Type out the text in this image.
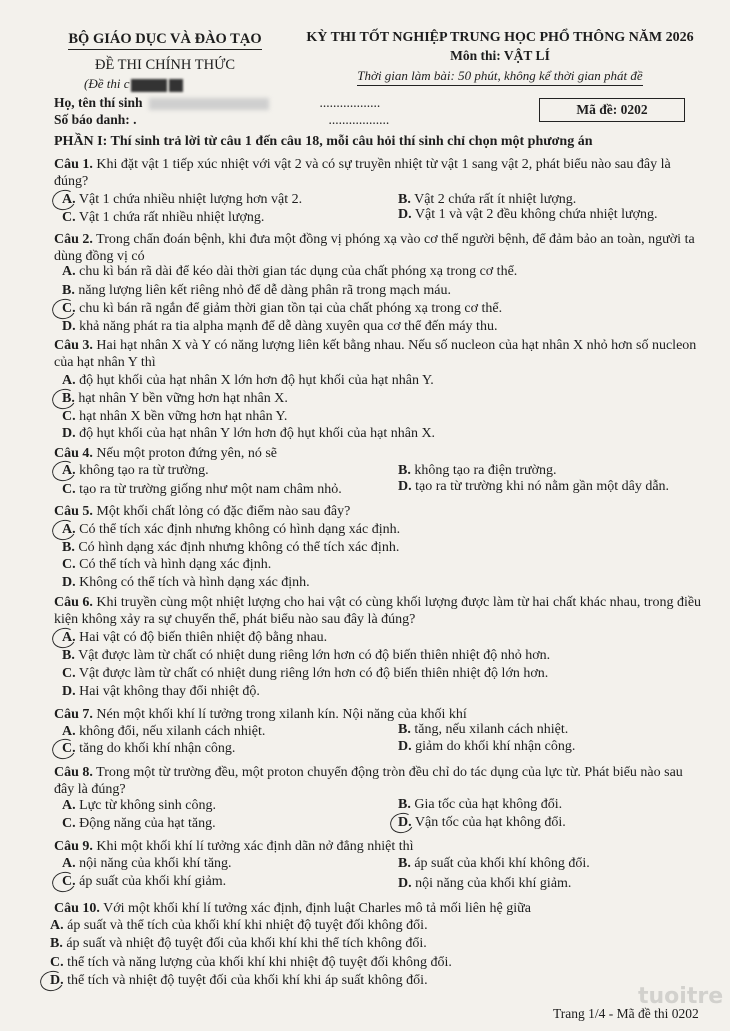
BỘ GIÁO DỤC VÀ ĐÀO TẠO
ĐỀ THI CHÍNH THỨC
(Đề thi c
KỲ THI TỐT NGHIỆP TRUNG HỌC PHỔ THÔNG NĂM 2026
Môn thi: VẬT LÍ
Thời gian làm bài: 50 phút, không kể thời gian phát đề
Họ, tên thí sinh	..................
Số báo danh: .	..................
Mã đề: 0202
PHẦN I: Thí sinh trả lời từ câu 1 đến câu 18, mỗi câu hỏi thí sinh chỉ chọn một phương án
Câu 1. Khi đặt vật 1 tiếp xúc nhiệt với vật 2 và có sự truyền nhiệt từ vật 1 sang vật 2, phát biểu nào sau đây là đúng?
A. Vật 1 chứa nhiều nhiệt lượng hơn vật 2.	B. Vật 2 chứa rất ít nhiệt lượng.
C. Vật 1 chứa rất nhiều nhiệt lượng.	D. Vật 1 và vật 2 đều không chứa nhiệt lượng.
Câu 2. Trong chẩn đoán bệnh, khi đưa một đồng vị phóng xạ vào cơ thể người bệnh, để đảm bảo an toàn, người ta dùng đồng vị có
A. chu kì bán rã dài để kéo dài thời gian tác dụng của chất phóng xạ trong cơ thể.
B. năng lượng liên kết riêng nhỏ để dễ dàng phân rã trong mạch máu.
C. chu kì bán rã ngắn để giảm thời gian tồn tại của chất phóng xạ trong cơ thể.
D. khả năng phát ra tia alpha mạnh để dễ dàng xuyên qua cơ thể đến máy thu.
Câu 3. Hai hạt nhân X và Y có năng lượng liên kết bằng nhau. Nếu số nucleon của hạt nhân X nhỏ hơn số nucleon của hạt nhân Y thì
A. độ hụt khối của hạt nhân X lớn hơn độ hụt khối của hạt nhân Y.
B. hạt nhân Y bền vững hơn hạt nhân X.
C. hạt nhân X bền vững hơn hạt nhân Y.
D. độ hụt khối của hạt nhân Y lớn hơn độ hụt khối của hạt nhân X.
Câu 4. Nếu một proton đứng yên, nó sẽ
A. không tạo ra từ trường.	B. không tạo ra điện trường.
C. tạo ra từ trường giống như một nam châm nhỏ.	D. tạo ra từ trường khi nó nằm gần một dây dẫn.
Câu 5. Một khối chất lỏng có đặc điểm nào sau đây?
A. Có thể tích xác định nhưng không có hình dạng xác định.
B. Có hình dạng xác định nhưng không có thể tích xác định.
C. Có thể tích và hình dạng xác định.
D. Không có thể tích và hình dạng xác định.
Câu 6. Khi truyền cùng một nhiệt lượng cho hai vật có cùng khối lượng được làm từ hai chất khác nhau, trong điều kiện không xảy ra sự chuyển thể, phát biểu nào sau đây là đúng?
A. Hai vật có độ biến thiên nhiệt độ bằng nhau.
B. Vật được làm từ chất có nhiệt dung riêng lớn hơn có độ biến thiên nhiệt độ nhỏ hơn.
C. Vật được làm từ chất có nhiệt dung riêng lớn hơn có độ biến thiên nhiệt độ lớn hơn.
D. Hai vật không thay đổi nhiệt độ.
Câu 7. Nén một khối khí lí tưởng trong xilanh kín. Nội năng của khối khí
A. không đổi, nếu xilanh cách nhiệt.	B. tăng, nếu xilanh cách nhiệt.
C. tăng do khối khí nhận công.	D. giảm do khối khí nhận công.
Câu 8. Trong một từ trường đều, một proton chuyển động tròn đều chỉ do tác dụng của lực từ. Phát biểu nào sau đây là đúng?
A. Lực từ không sinh công.	B. Gia tốc của hạt không đổi.
C. Động năng của hạt tăng.	D. Vận tốc của hạt không đổi.
Câu 9. Khi một khối khí lí tưởng xác định dãn nở đẳng nhiệt thì
A. nội năng của khối khí tăng.	B. áp suất của khối khí không đổi.
C. áp suất của khối khí giảm.	D. nội năng của khối khí giảm.
Câu 10. Với một khối khí lí tưởng xác định, định luật Charles mô tả mối liên hệ giữa
A. áp suất và thể tích của khối khí khi nhiệt độ tuyệt đối không đổi.
B. áp suất và nhiệt độ tuyệt đối của khối khí khi thể tích không đổi.
C. thể tích và năng lượng của khối khí khi nhiệt độ tuyệt đối không đổi.
D. thể tích và nhiệt độ tuyệt đối của khối khí khi áp suất không đổi.
tuoitre
Trang 1/4 - Mã đề thi 0202
